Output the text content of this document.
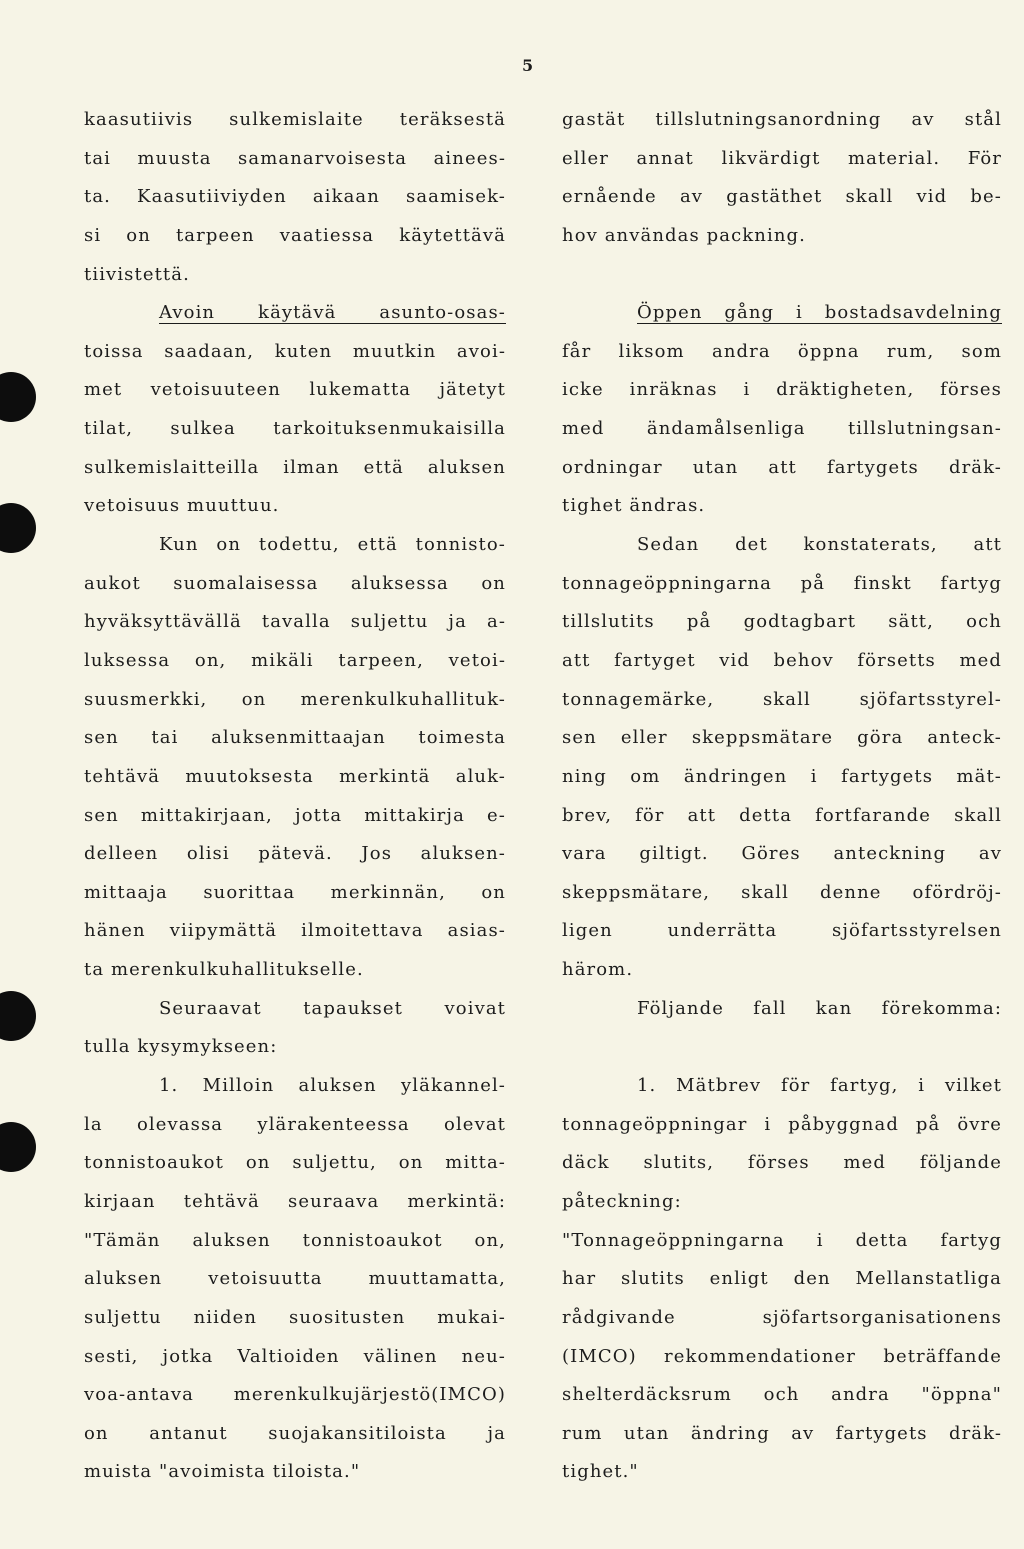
5
kaasutiivis sulkemislaite teräksestä
tai muusta samanarvoisesta ainees-
ta. Kaasutiiviyden aikaan saamisek-
si on tarpeen vaatiessa käytettävä
tiivistettä.
Avoin käytävä asunto-osas-
toissa saadaan, kuten muutkin avoi-
met vetoisuuteen lukematta jätetyt
tilat, sulkea tarkoituksenmukaisilla
sulkemislaitteilla ilman että aluksen
vetoisuus muuttuu.
Kun on todettu, että tonnisto-
aukot suomalaisessa aluksessa on
hyväksyttävällä tavalla suljettu ja a-
luksessa on, mikäli tarpeen, vetoi-
suusmerkki, on merenkulkuhallituk-
sen tai aluksenmittaajan toimesta
tehtävä muutoksesta merkintä aluk-
sen mittakirjaan, jotta mittakirja e-
delleen olisi pätevä. Jos aluksen-
mittaaja suorittaa merkinnän, on
hänen viipymättä ilmoitettava asias-
ta merenkulkuhallitukselle.
Seuraavat tapaukset voivat
tulla kysymykseen:
1. Milloin aluksen yläkannel-
la olevassa ylärakenteessa olevat
tonnistoaukot on suljettu, on mitta-
kirjaan tehtävä seuraava merkintä:
"Tämän aluksen tonnistoaukot on,
aluksen vetoisuutta muuttamatta,
suljettu niiden suositusten mukai-
sesti, jotka Valtioiden välinen neu-
voa-antava merenkulkujärjestö(IMCO)
on antanut suojakansitiloista ja
muista "avoimista tiloista."
gastät tillslutningsanordning av stål
eller annat likvärdigt material. För
ernående av gastäthet skall vid be-
hov användas packning.
Öppen gång i bostadsavdelning
får liksom andra öppna rum, som
icke inräknas i dräktigheten, förses
med ändamålsenliga tillslutningsan-
ordningar utan att fartygets dräk-
tighet ändras.
Sedan det konstaterats, att
tonnageöppningarna på finskt fartyg
tillslutits på godtagbart sätt, och
att fartyget vid behov försetts med
tonnagemärke, skall sjöfartsstyrel-
sen eller skeppsmätare göra anteck-
ning om ändringen i fartygets mät-
brev, för att detta fortfarande skall
vara giltigt. Göres anteckning av
skeppsmätare, skall denne ofördröj-
ligen underrätta sjöfartsstyrelsen
härom.
Följande fall kan förekomma:
1. Mätbrev för fartyg, i vilket
tonnageöppningar i påbyggnad på övre
däck slutits, förses med följande
påteckning:
"Tonnageöppningarna i detta fartyg
har slutits enligt den Mellanstatliga
rådgivande sjöfartsorganisationens
(IMCO) rekommendationer beträffande
shelterdäcksrum och andra "öppna"
rum utan ändring av fartygets dräk-
tighet."
